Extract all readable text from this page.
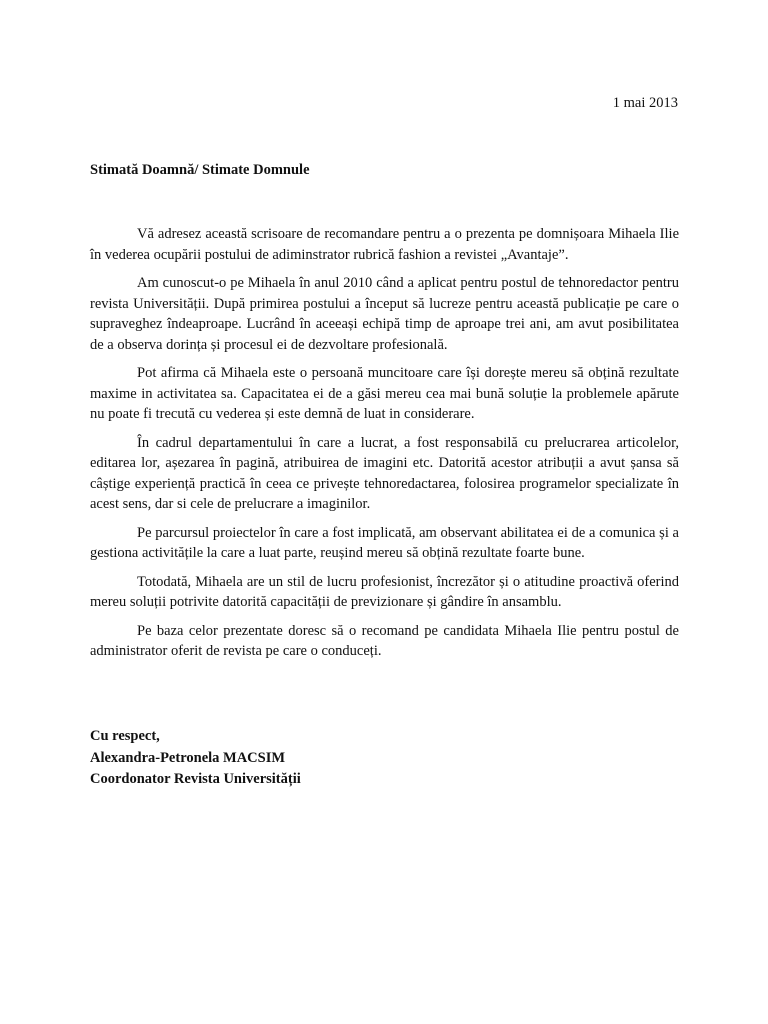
1 mai 2013
Stimată Doamnă/ Stimate Domnule

Vă adresez această scrisoare de recomandare pentru a o prezenta pe domnișoara Mihaela Ilie în vederea ocupării postului de adiminstrator rubrică fashion a revistei „Avantaje”.

Am cunoscut-o pe Mihaela în anul 2010 când a aplicat pentru postul de tehnoredactor pentru revista Universității. După primirea postului a început să lucreze pentru această publicație pe care o supraveghez îndeaproape. Lucrând în aceeași echipă timp de aproape trei ani, am avut posibilitatea de a observa dorința și procesul ei de dezvoltare profesională.

Pot afirma că Mihaela este o persoană muncitoare care își dorește mereu să obțină rezultate maxime in activitatea sa. Capacitatea ei de a găsi mereu cea mai bună soluție la problemele apărute nu poate fi trecută cu vederea și este demnă de luat in considerare.

În cadrul departamentului în care a lucrat, a fost responsabilă cu prelucrarea articolelor, editarea lor, așezarea în pagină, atribuirea de imagini etc. Datorită acestor atribuții a avut șansa să câștige experiență practică în ceea ce privește tehnoredactarea, folosirea programelor specializate în acest sens, dar si cele de prelucrare a imaginilor.

Pe parcursul proiectelor în care a fost implicată, am observant abilitatea ei de a comunica și a gestiona activitățile la care a luat parte, reușind mereu să obțină rezultate foarte bune.

Totodată, Mihaela are un stil de lucru profesionist, încrezător și o atitudine proactivă oferind mereu soluții potrivite datorită capacității de previzionare și gândire în ansamblu.

Pe baza celor prezentate doresc să o recomand pe candidata Mihaela Ilie pentru postul de administrator oferit de revista pe care o conduceți.

Cu respect,
Alexandra-Petronela MACSIM
Coordonator Revista Universității
